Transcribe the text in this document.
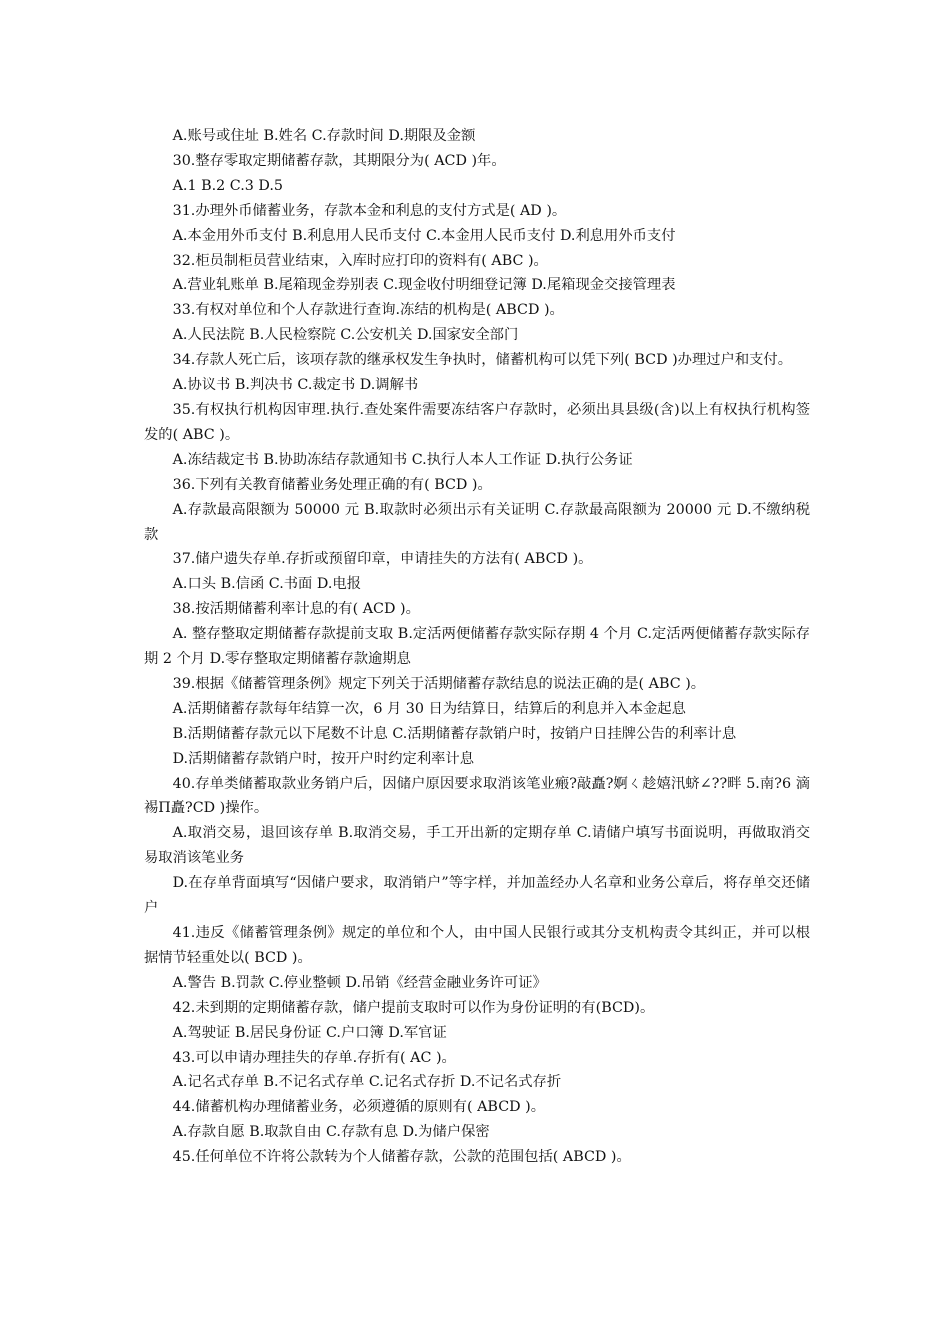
A.账号或住址 B.姓名 C.存款时间 D.期限及金额

30.整存零取定期储蓄存款，其期限分为( ACD )年。

A.1 B.2 C.3 D.5

31.办理外币储蓄业务，存款本金和利息的支付方式是( AD )。

A.本金用外币支付 B.利息用人民币支付 C.本金用人民币支付 D.利息用外币支付

32.柜员制柜员营业结束，入库时应打印的资料有( ABC )。

A.营业轧账单 B.尾箱现金券别表 C.现金收付明细登记簿 D.尾箱现金交接管理表

33.有权对单位和个人存款进行查询.冻结的机构是( ABCD )。

A.人民法院 B.人民检察院 C.公安机关 D.国家安全部门

34.存款人死亡后，该项存款的继承权发生争执时，储蓄机构可以凭下列( BCD )办理过户和支付。

A.协议书 B.判决书 C.裁定书 D.调解书

35.有权执行机构因审理.执行.查处案件需要冻结客户存款时，必须出具县级(含)以上有权执行机构签发的( ABC )。

A.冻结裁定书 B.协助冻结存款通知书 C.执行人本人工作证 D.执行公务证

36.下列有关教育储蓄业务处理正确的有( BCD )。

A.存款最高限额为 50000 元 B.取款时必须出示有关证明 C.存款最高限额为 20000 元 D.不缴纳税款

37.储户遗失存单.存折或预留印章，申请挂失的方法有( ABCD )。

A.口头 B.信函 C.书面 D.电报

38.按活期储蓄利率计息的有( ACD )。

A. 整存整取定期储蓄存款提前支取 B.定活两便储蓄存款实际存期 4 个月 C.定活两便储蓄存款实际存期 2 个月 D.零存整取定期储蓄存款逾期息

39.根据《储蓄管理条例》规定下列关于活期储蓄存款结息的说法正确的是( ABC )。

A.活期储蓄存款每年结算一次，6 月 30 日为结算日，结算后的利息并入本金起息

B.活期储蓄存款元以下尾数不计息 C.活期储蓄存款销户时，按销户日挂牌公告的利率计息

D.活期储蓄存款销户时，按开户时约定利率计息

40.存单类储蓄取款业务销户后，因储户原因要求取消该笔业瘢?敲矗?婀ㄑ趁嬉汛蛴∠??畔 5.南?6 滴裼Π矗?CD )操作。

A.取消交易，退回该存单 B.取消交易，手工开出新的定期存单 C.请储户填写书面说明，再做取消交易取消该笔业务

D.在存单背面填写“因储户要求，取消销户”等字样，并加盖经办人名章和业务公章后，将存单交还储户

41.违反《储蓄管理条例》规定的单位和个人，由中国人民银行或其分支机构责令其纠正，并可以根据情节轻重处以( BCD )。

A.警告 B.罚款 C.停业整顿 D.吊销《经营金融业务许可证》

42.未到期的定期储蓄存款，储户提前支取时可以作为身份证明的有(BCD)。

A.驾驶证 B.居民身份证 C.户口簿 D.军官证

43.可以申请办理挂失的存单.存折有( AC )。

A.记名式存单 B.不记名式存单 C.记名式存折 D.不记名式存折

44.储蓄机构办理储蓄业务，必须遵循的原则有( ABCD )。

A.存款自愿 B.取款自由 C.存款有息 D.为储户保密

45.任何单位不许将公款转为个人储蓄存款，公款的范围包括( ABCD )。
